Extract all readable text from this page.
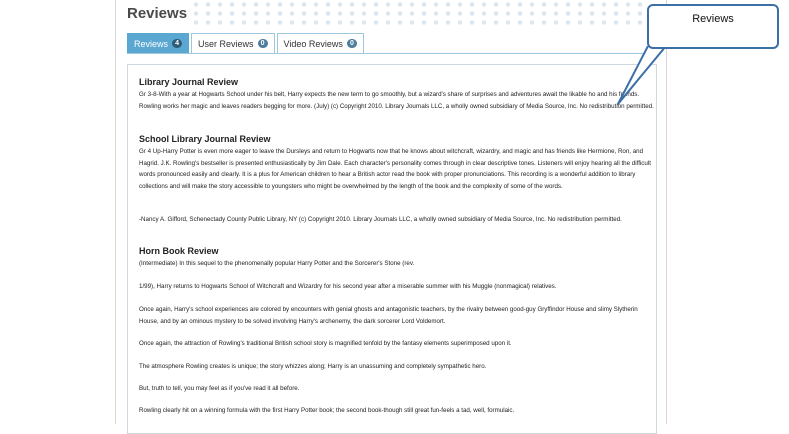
Reviews
Reviews	4	User Reviews	0	Video Reviews	0
Library Journal Review

Gr 3-8-With a year at Hogwarts School under his belt, Harry expects the new term to go smoothly, but a wizard's share of surprises and adventures await the likable ho and his friends. Rowling works her magic and leaves readers begging for more. (July) (c) Copyright 2010. Library Journals LLC, a wholly owned subsidiary of Media Source, Inc. No redistribution permitted.

School Library Journal Review

Gr 4 Up-Harry Potter is even more eager to leave the Dursleys and return to Hogwarts now that he knows about witchcraft, wizardry, and magic and has friends like Hermione, Ron, and Hagrid. J.K. Rowling's bestseller is presented enthusiastically by Jim Dale. Each character's personality comes through in clear descriptive tones. Listeners will enjoy hearing all the difficult words pronounced easily and clearly. It is a plus for American children to hear a British actor read the book with proper pronunciations. This recording is a wonderful addition to library collections and will make the story accessible to youngsters who might be overwhelmed by the length of the book and the complexity of some of the words.

-Nancy A. Gifford, Schenectady County Public Library, NY (c) Copyright 2010. Library Journals LLC, a wholly owned subsidiary of Media Source, Inc. No redistribution permitted.

Horn Book Review

(Intermediate) In this sequel to the phenomenally popular Harry Potter and the Sorcerer's Stone (rev.

1/99), Harry returns to Hogwarts School of Witchcraft and Wizardry for his second year after a miserable summer with his Muggle (nonmagical) relatives.

Once again, Harry's school experiences are colored by encounters with genial ghosts and antagonistic teachers, by the rivalry between good-guy Gryffindor House and slimy Slytherin House, and by an ominous mystery to be solved involving Harry's archenemy, the dark sorcerer Lord Voldemort.

Once again, the attraction of Rowling's traditional British school story is magnified tenfold by the fantasy elements superimposed upon it.

The atmosphere Rowling creates is unique; the story whizzes along; Harry is an unassuming and completely sympathetic hero.

But, truth to tell, you may feel as if you've read it all before.

Rowling clearly hit on a winning formula with the first Harry Potter book; the second book-though still great fun-feels a tad, well, formulaic.

Reviews
